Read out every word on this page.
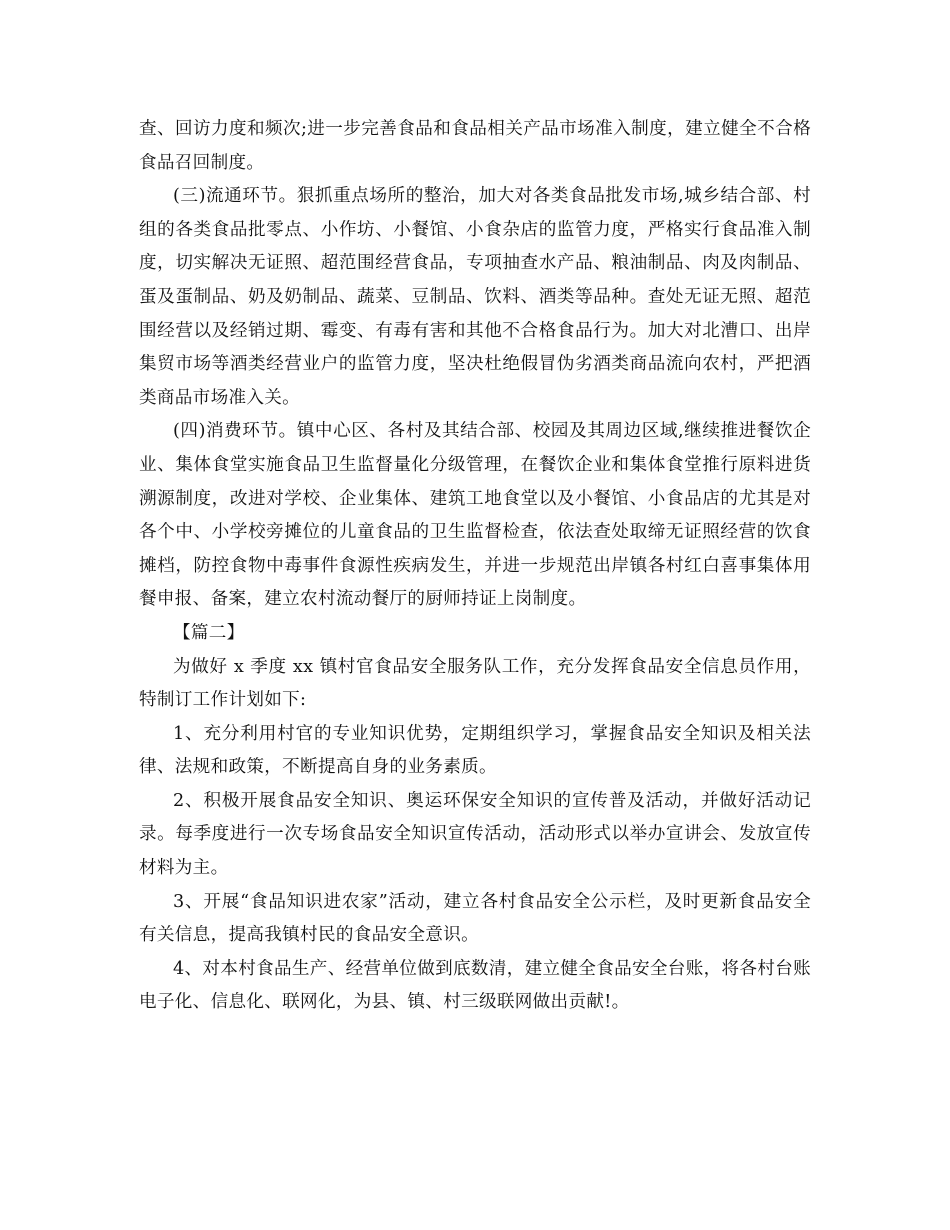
查、回访力度和频次;进一步完善食品和食品相关产品市场准入制度，建立健全不合格食品召回制度。

(三)流通环节。狠抓重点场所的整治，加大对各类食品批发市场,城乡结合部、村组的各类食品批零点、小作坊、小餐馆、小食杂店的监管力度，严格实行食品准入制度，切实解决无证照、超范围经营食品，专项抽查水产品、粮油制品、肉及肉制品、蛋及蛋制品、奶及奶制品、蔬菜、豆制品、饮料、酒类等品种。查处无证无照、超范围经营以及经销过期、霉变、有毒有害和其他不合格食品行为。加大对北漕口、出岸集贸市场等酒类经营业户的监管力度，坚决杜绝假冒伪劣酒类商品流向农村，严把酒类商品市场准入关。

(四)消费环节。镇中心区、各村及其结合部、校园及其周边区域,继续推进餐饮企业、集体食堂实施食品卫生监督量化分级管理，在餐饮企业和集体食堂推行原料进货溯源制度，改进对学校、企业集体、建筑工地食堂以及小餐馆、小食品店的尤其是对各个中、小学校旁摊位的儿童食品的卫生监督检查，依法查处取缔无证照经营的饮食摊档，防控食物中毒事件食源性疾病发生，并进一步规范出岸镇各村红白喜事集体用餐申报、备案，建立农村流动餐厅的厨师持证上岗制度。

【篇二】

为做好 x 季度 xx 镇村官食品安全服务队工作，充分发挥食品安全信息员作用，特制订工作计划如下:

1、充分利用村官的专业知识优势，定期组织学习，掌握食品安全知识及相关法律、法规和政策，不断提高自身的业务素质。

2、积极开展食品安全知识、奥运环保安全知识的宣传普及活动，并做好活动记录。每季度进行一次专场食品安全知识宣传活动，活动形式以举办宣讲会、发放宣传材料为主。

3、开展“食品知识进农家”活动，建立各村食品安全公示栏，及时更新食品安全有关信息，提高我镇村民的食品安全意识。

4、对本村食品生产、经营单位做到底数清，建立健全食品安全台账，将各村台账电子化、信息化、联网化，为县、镇、村三级联网做出贡献!。
